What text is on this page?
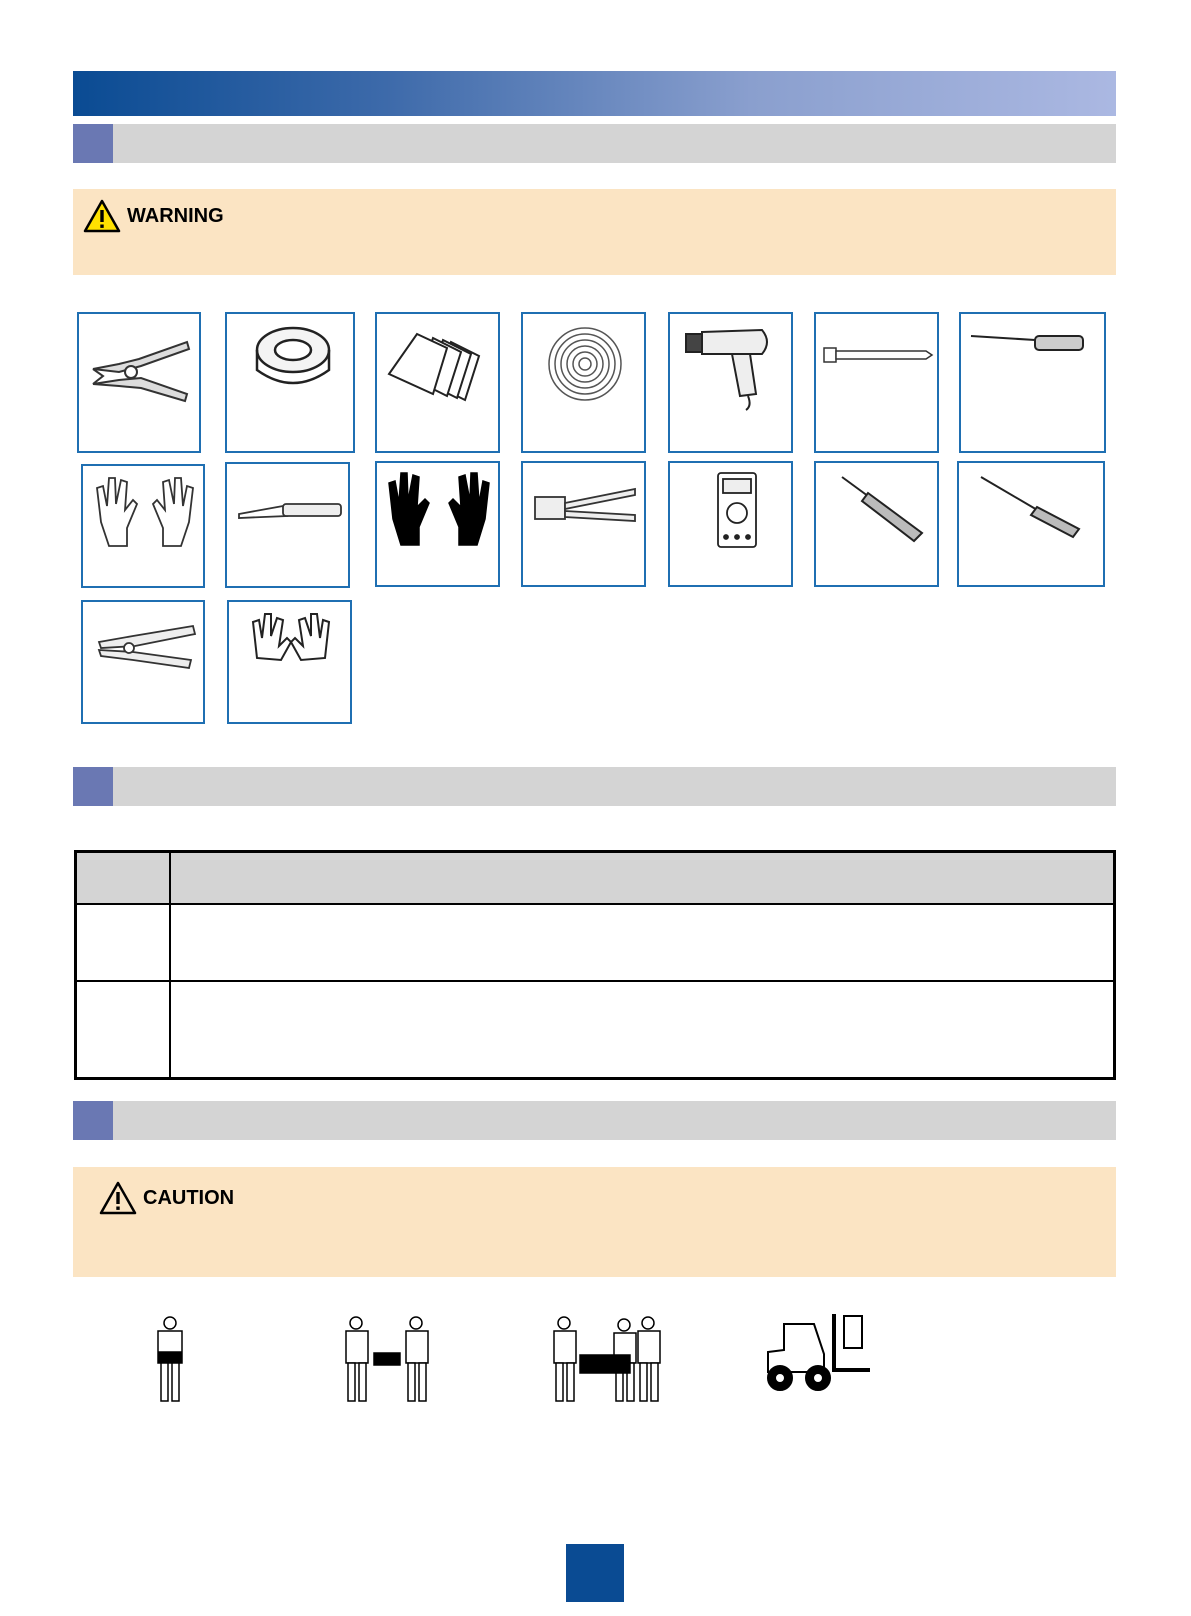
WARNING

CAUTION
